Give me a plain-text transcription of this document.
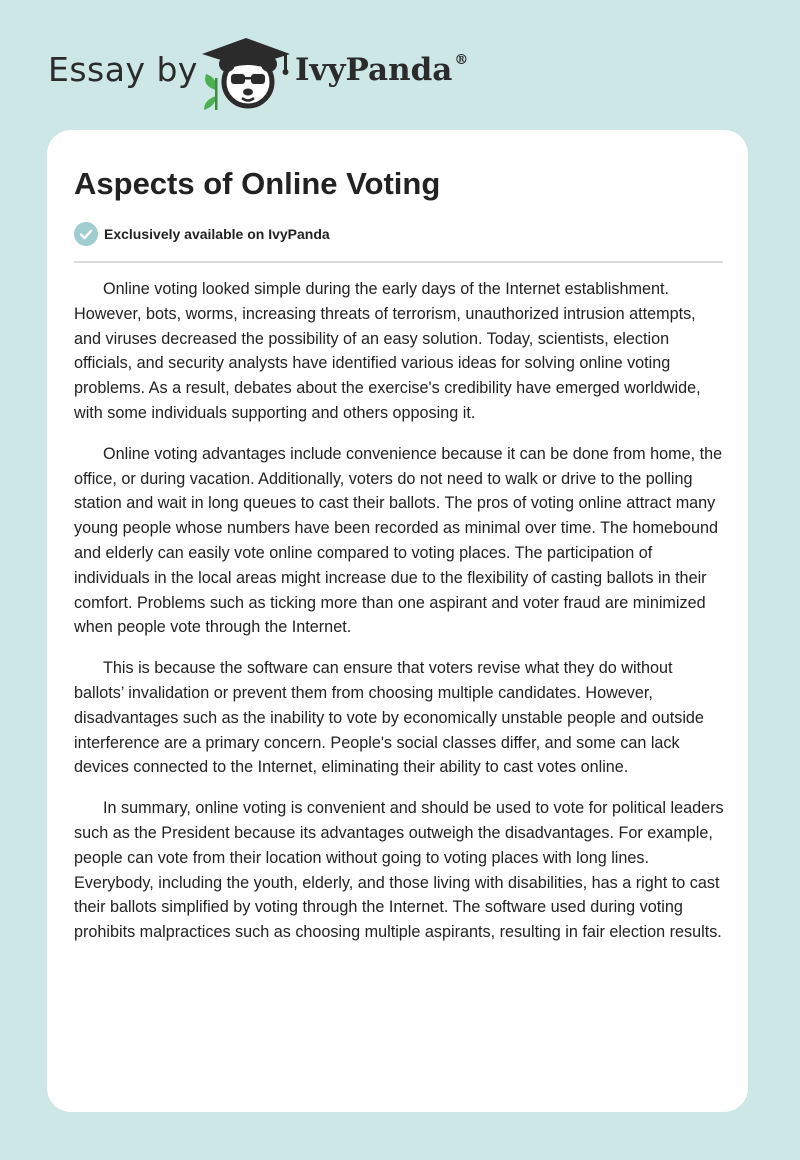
Essay by	IvyPanda ®
Aspects of Online Voting
Exclusively available on IvyPanda

Online voting looked simple during the early days of the Internet establishment. However, bots, worms, increasing threats of terrorism, unauthorized intrusion attempts, and viruses decreased the possibility of an easy solution. Today, scientists, election officials, and security analysts have identified various ideas for solving online voting problems. As a result, debates about the exercise's credibility have emerged worldwide, with some individuals supporting and others opposing it.

Online voting advantages include convenience because it can be done from home, the office, or during vacation. Additionally, voters do not need to walk or drive to the polling station and wait in long queues to cast their ballots. The pros of voting online attract many young people whose numbers have been recorded as minimal over time. The homebound and elderly can easily vote online compared to voting places. The participation of individuals in the local areas might increase due to the flexibility of casting ballots in their comfort. Problems such as ticking more than one aspirant and voter fraud are minimized when people vote through the Internet.

This is because the software can ensure that voters revise what they do without ballots’ invalidation or prevent them from choosing multiple candidates. However, disadvantages such as the inability to vote by economically unstable people and outside interference are a primary concern. People's social classes differ, and some can lack devices connected to the Internet, eliminating their ability to cast votes online.

In summary, online voting is convenient and should be used to vote for political leaders such as the President because its advantages outweigh the disadvantages. For example, people can vote from their location without going to voting places with long lines. Everybody, including the youth, elderly, and those living with disabilities, has a right to cast their ballots simplified by voting through the Internet. The software used during voting prohibits malpractices such as choosing multiple aspirants, resulting in fair election results.
